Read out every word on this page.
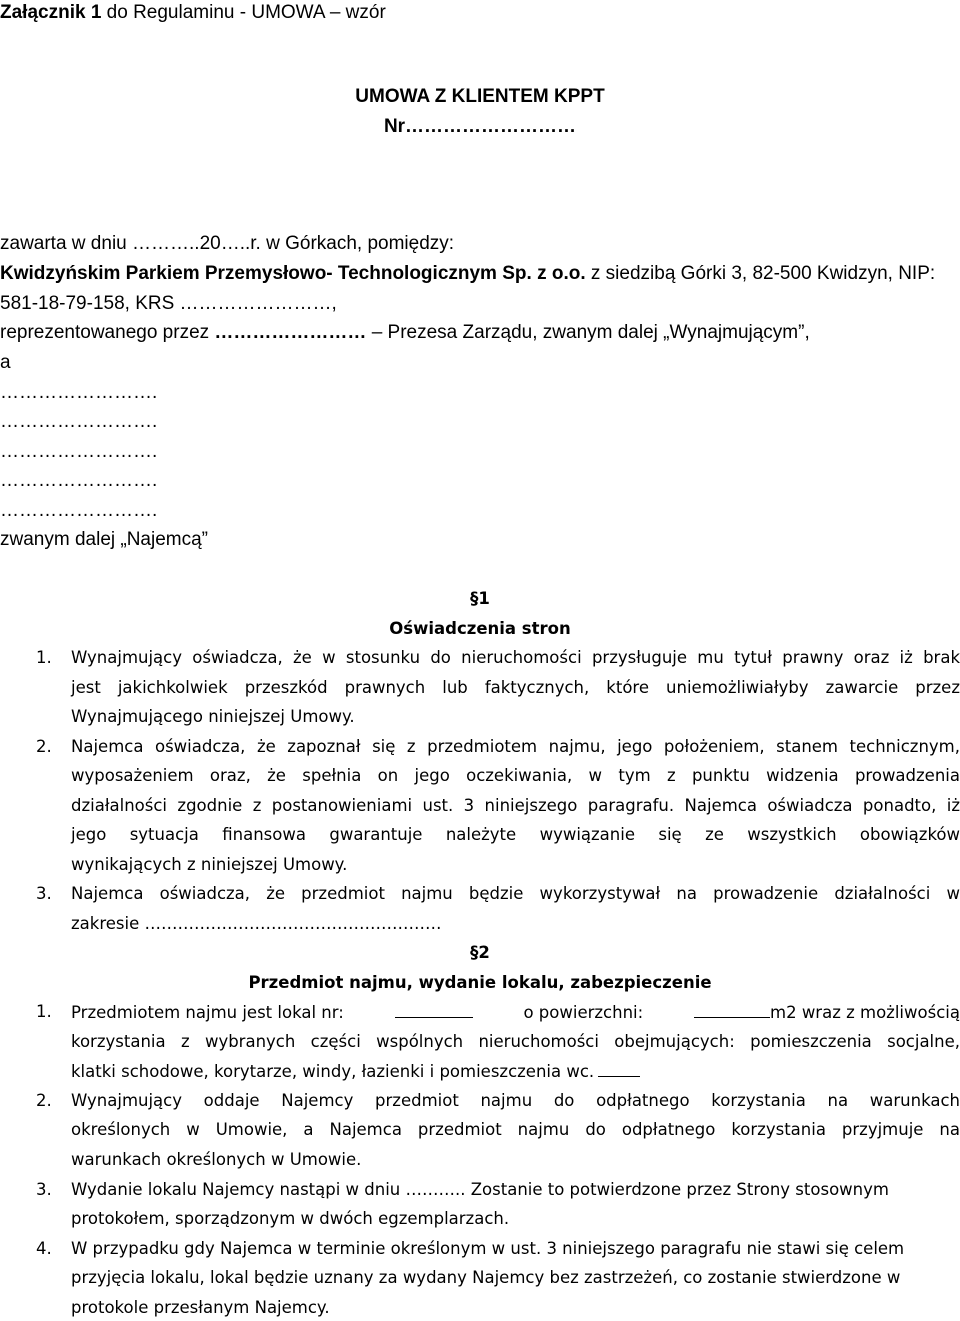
Załącznik 1 do Regulaminu - UMOWA – wzór
UMOWA Z KLIENTEM KPPT
Nr………………………
zawarta w dniu ………..20…..r. w Górkach, pomiędzy:
Kwidzyńskim Parkiem Przemysłowo- Technologicznym Sp. z o.o. z siedzibą Górki 3, 82-500 Kwidzyn, NIP:
581-18-79-158, KRS ……………………,
reprezentowanego przez …………………… – Prezesa Zarządu, zwanym dalej „Wynajmującym”,
a
…………………….
…………………….
…………………….
…………………….
…………………….
zwanym dalej „Najemcą”
§1
Oświadczenia stron
1. Wynajmujący oświadcza, że w stosunku do nieruchomości przysługuje mu tytuł prawny oraz iż brak
jest jakichkolwiek przeszkód prawnych lub faktycznych, które uniemożliwiałyby zawarcie przez
Wynajmującego niniejszej Umowy.
2. Najemca oświadcza, że zapoznał się z przedmiotem najmu, jego położeniem, stanem technicznym,
wyposażeniem oraz, że spełnia on jego oczekiwania, w tym z punktu widzenia prowadzenia
działalności zgodnie z postanowieniami ust. 3 niniejszego paragrafu. Najemca oświadcza ponadto, iż
jego sytuacja finansowa gwarantuje należyte wywiązanie się ze wszystkich obowiązków
wynikających z niniejszej Umowy.
3. Najemca oświadcza, że przedmiot najmu będzie wykorzystywał na prowadzenie działalności w
zakresie ………………………………………………
§2
Przedmiot najmu, wydanie lokalu, zabezpieczenie
1. Przedmiotem najmu jest lokal nr:	o powierzchni:	m2 wraz z możliwością
korzystania z wybranych części wspólnych nieruchomości obejmujących: pomieszczenia socjalne,
klatki schodowe, korytarze, windy, łazienki i pomieszczenia wc.
2. Wynajmujący oddaje Najemcy przedmiot najmu do odpłatnego korzystania na warunkach
określonych w Umowie, a Najemca przedmiot najmu do odpłatnego korzystania przyjmuje na
warunkach określonych w Umowie.
3. Wydanie lokalu Najemcy nastąpi w dniu ……….. Zostanie to potwierdzone przez Strony stosownym
protokołem, sporządzonym w dwóch egzemplarzach.
4. W przypadku gdy Najemca w terminie określonym w ust. 3 niniejszego paragrafu nie stawi się celem
przyjęcia lokalu, lokal będzie uznany za wydany Najemcy bez zastrzeżeń, co zostanie stwierdzone w
protokole przesłanym Najemcy.
